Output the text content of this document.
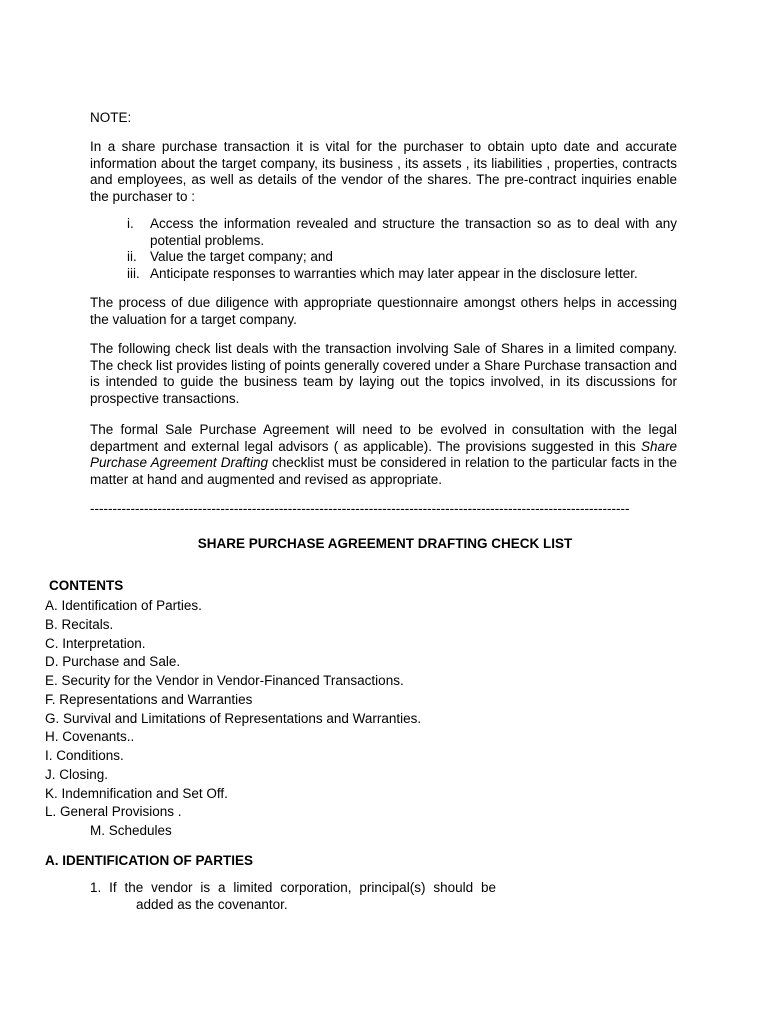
NOTE:
In a share purchase transaction it is vital for the purchaser to obtain upto date and accurate information about the target company, its business , its assets , its liabilities , properties, contracts and employees, as well as details of the vendor of the shares. The pre-contract inquiries enable the purchaser to :
i.	Access the information revealed and structure the transaction so as to deal with any potential problems.
ii. Value the target company; and
iii. Anticipate responses to warranties which may later appear in the disclosure letter.
The process of due diligence with appropriate questionnaire amongst others helps in accessing the valuation for a target company.
The following check list deals with the transaction involving Sale of Shares in a limited company. The check list provides listing of points generally covered under a Share Purchase transaction and is intended to guide the business team by laying out the topics involved, in its discussions for prospective transactions.
The formal Sale Purchase Agreement will need to be evolved in consultation with the legal department and external legal advisors ( as applicable). The provisions suggested in this Share Purchase Agreement Drafting checklist must be considered in relation to the particular facts in the matter at hand and augmented and revised as appropriate.
------------------------------------------------------------------------------------------------------------------------
SHARE PURCHASE AGREEMENT DRAFTING CHECK LIST
CONTENTS
A. Identification of Parties.
B. Recitals.
C. Interpretation.
D. Purchase and Sale.
E. Security for the Vendor in Vendor-Financed Transactions.
F. Representations and Warranties
G. Survival and Limitations of Representations and Warranties.
H. Covenants..
I. Conditions.
J. Closing.
K. Indemnification and Set Off.
L. General Provisions .
M. Schedules
A. IDENTIFICATION OF PARTIES
1. If the vendor is a limited corporation, principal(s) should be
added as the covenantor.
